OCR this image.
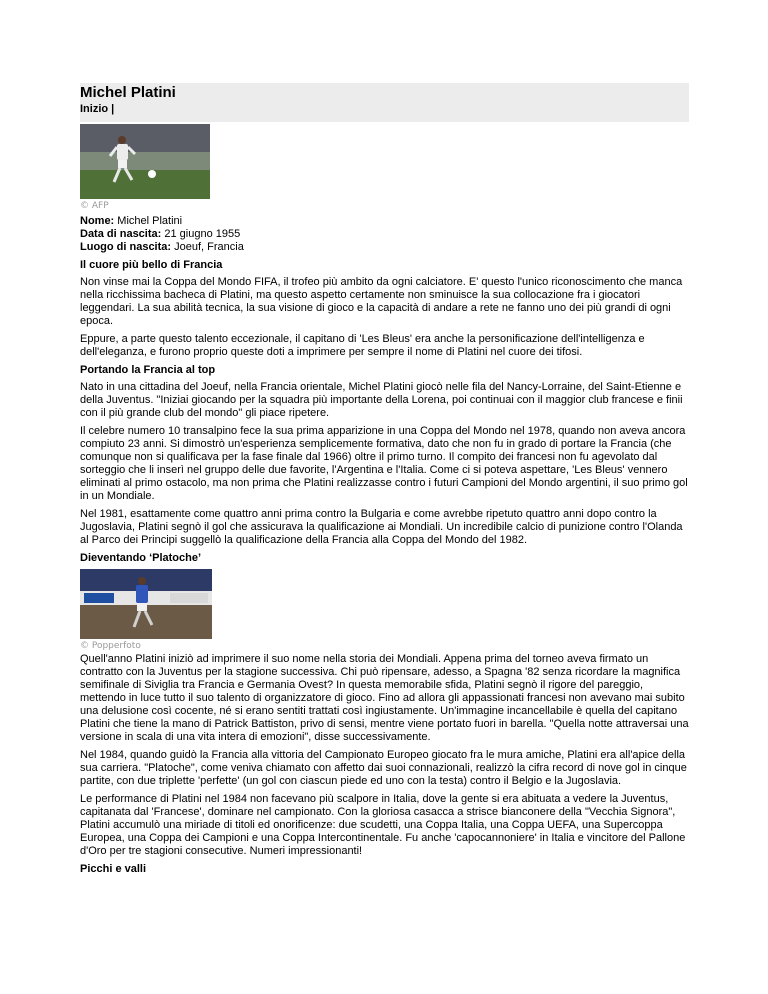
Michel Platini
Inizio |
© AFP
Nome: Michel Platini
Data di nascita: 21 giugno 1955
Luogo di nascita: Joeuf, Francia
Il cuore più bello di Francia

Non vinse mai la Coppa del Mondo FIFA, il trofeo più ambito da ogni calciatore. E' questo l'unico riconoscimento che manca nella ricchissima bacheca di Platini, ma questo aspetto certamente non sminuisce la sua collocazione fra i giocatori leggendari. La sua abilità tecnica, la sua visione di gioco e la capacità di andare a rete ne fanno uno dei più grandi di ogni epoca.

Eppure, a parte questo talento eccezionale, il capitano di 'Les Bleus' era anche la personificazione dell'intelligenza e dell'eleganza, e furono proprio queste doti a imprimere per sempre il nome di Platini nel cuore dei tifosi.

Portando la Francia al top

Nato in una cittadina del Joeuf, nella Francia orientale, Michel Platini giocò nelle fila del Nancy-Lorraine, del Saint-Etienne e della Juventus. "Iniziai giocando per la squadra più importante della Lorena, poi continuai con il maggior club francese e finii con il più grande club del mondo" gli piace ripetere.

Il celebre numero 10 transalpino fece la sua prima apparizione in una Coppa del Mondo nel 1978, quando non aveva ancora compiuto 23 anni. Si dimostrò un'esperienza semplicemente formativa, dato che non fu in grado di portare la Francia (che comunque non si qualificava per la fase finale dal 1966) oltre il primo turno. Il compito dei francesi non fu agevolato dal sorteggio che li inserì nel gruppo delle due favorite, l'Argentina e l'Italia. Come ci si poteva aspettare, 'Les Bleus' vennero eliminati al primo ostacolo, ma non prima che Platini realizzasse contro i futuri Campioni del Mondo argentini, il suo primo gol in un Mondiale.

Nel 1981, esattamente come quattro anni prima contro la Bulgaria e come avrebbe ripetuto quattro anni dopo contro la Jugoslavia, Platini segnò il gol che assicurava la qualificazione ai Mondiali. Un incredibile calcio di punizione contro l'Olanda al Parco dei Principi suggellò la qualificazione della Francia alla Coppa del Mondo del 1982.

Dieventando ‘Platoche’
© Popperfoto

Quell'anno Platini iniziò ad imprimere il suo nome nella storia dei Mondiali. Appena prima del torneo aveva firmato un contratto con la Juventus per la stagione successiva. Chi può ripensare, adesso, a Spagna '82 senza ricordare la magnifica semifinale di Siviglia tra Francia e Germania Ovest? In questa memorabile sfida, Platini segnò il rigore del pareggio, mettendo in luce tutto il suo talento di organizzatore di gioco. Fino ad allora gli appassionati francesi non avevano mai subito una delusione così cocente, né si erano sentiti trattati così ingiustamente. Un'immagine incancellabile è quella del capitano Platini che tiene la mano di Patrick Battiston, privo di sensi, mentre viene portato fuori in barella. "Quella notte attraversai una versione in scala di una vita intera di emozioni", disse successivamente.

Nel 1984, quando guidò la Francia alla vittoria del Campionato Europeo giocato fra le mura amiche, Platini era all'apice della sua carriera. "Platoche", come veniva chiamato con affetto dai suoi connazionali, realizzò la cifra record di nove gol in cinque partite, con due triplette 'perfette' (un gol con ciascun piede ed uno con la testa) contro il Belgio e la Jugoslavia.

Le performance di Platini nel 1984 non facevano più scalpore in Italia, dove la gente si era abituata a vedere la Juventus, capitanata dal 'Francese', dominare nel campionato. Con la gloriosa casacca a strisce bianconere della "Vecchia Signora", Platini accumulò una miriade di titoli ed onorificenze: due scudetti, una Coppa Italia, una Coppa UEFA, una Supercoppa Europea, una Coppa dei Campioni e una Coppa Intercontinentale. Fu anche 'capocannoniere' in Italia e vincitore del Pallone d'Oro per tre stagioni consecutive. Numeri impressionanti!

Picchi e valli
